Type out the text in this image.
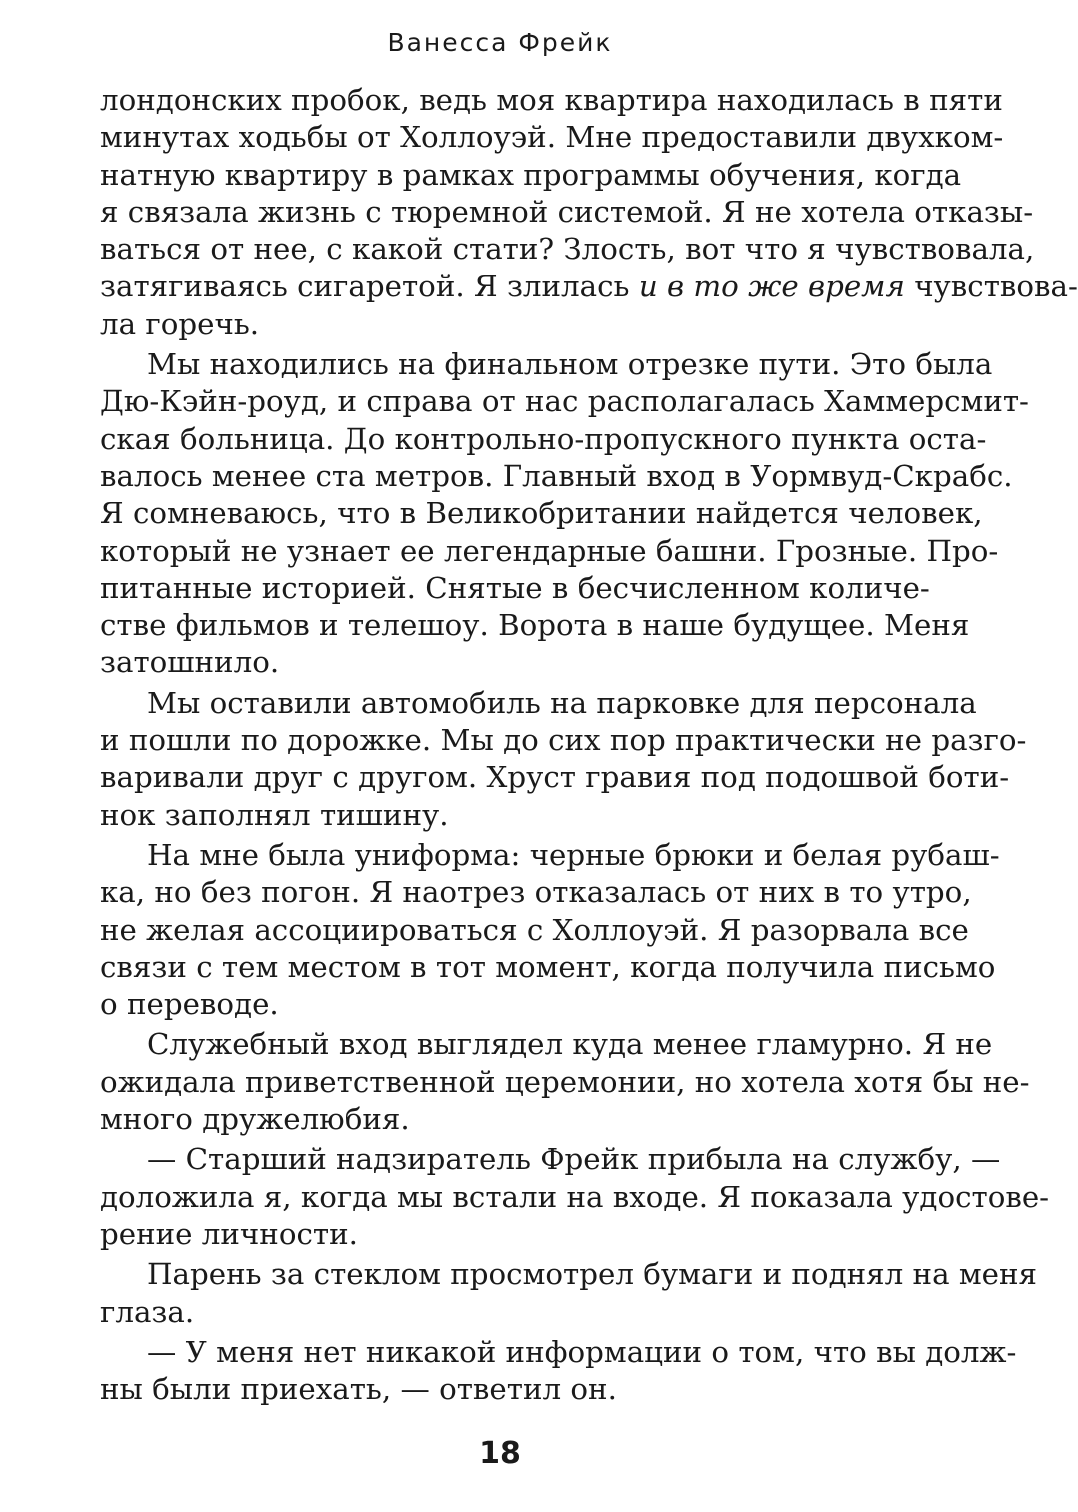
Ванесса Фрейк
лондонских пробок, ведь моя квартира находилась в пяти
минутах ходьбы от Холлоуэй. Мне предоставили двухком-
натную квартиру в рамках программы обучения, когда
я связала жизнь с тюремной системой. Я не хотела отказы-
ваться от нее, с какой стати? Злость, вот что я чувствовала,
затягиваясь сигаретой. Я злилась и в то же время чувствова-
ла горечь.
Мы находились на финальном отрезке пути. Это была
Дю-Кэйн-роуд, и справа от нас располагалась Хаммерсмит-
ская больница. До контрольно-пропускного пункта оста-
валось менее ста метров. Главный вход в Уормвуд-Скрабс.
Я сомневаюсь, что в Великобритании найдется человек,
который не узнает ее легендарные башни. Грозные. Про-
питанные историей. Снятые в бесчисленном количе-
стве фильмов и телешоу. Ворота в наше будущее. Меня
затошнило.
Мы оставили автомобиль на парковке для персонала
и пошли по дорожке. Мы до сих пор практически не разго-
варивали друг с другом. Хруст гравия под подошвой боти-
нок заполнял тишину.
На мне была униформа: черные брюки и белая рубаш-
ка, но без погон. Я наотрез отказалась от них в то утро,
не желая ассоциироваться с Холлоуэй. Я разорвала все
связи с тем местом в тот момент, когда получила письмо
о переводе.
Служебный вход выглядел куда менее гламурно. Я не
ожидала приветственной церемонии, но хотела хотя бы не-
много дружелюбия.
— Старший надзиратель Фрейк прибыла на службу, —
доложила я, когда мы встали на входе. Я показала удостове-
рение личности.
Парень за стеклом просмотрел бумаги и поднял на меня
глаза.
— У меня нет никакой информации о том, что вы долж-
ны были приехать, — ответил он.
18
